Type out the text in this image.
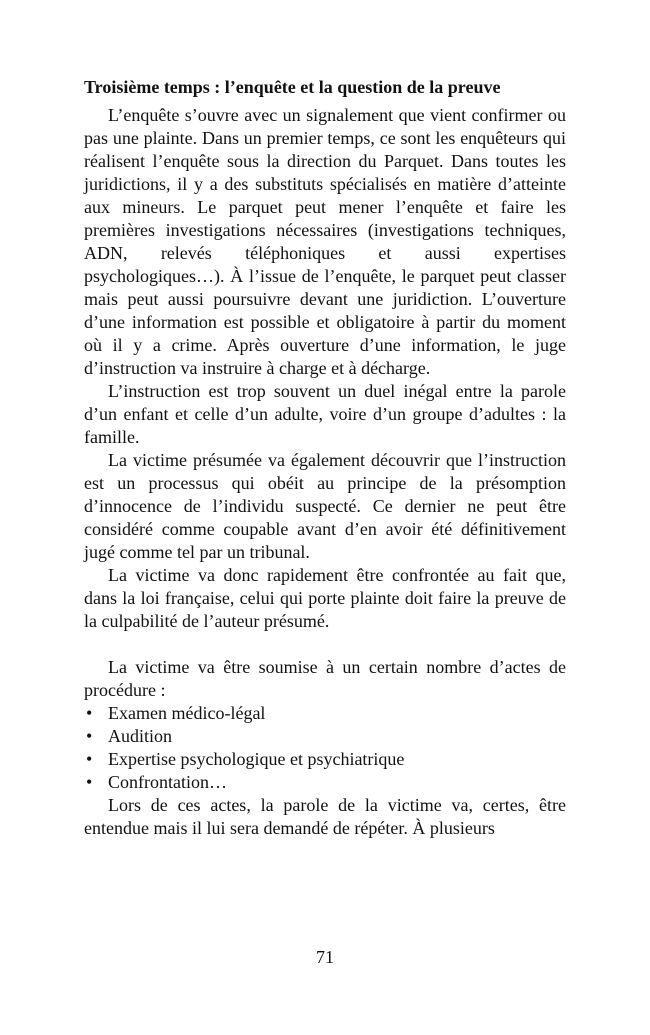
Troisième temps : l’enquête et la question de la preuve

L’enquête s’ouvre avec un signalement que vient confirmer ou pas une plainte. Dans un premier temps, ce sont les enquêteurs qui réalisent l’enquête sous la direction du Parquet. Dans toutes les juridictions, il y a des substituts spécialisés en matière d’atteinte aux mineurs. Le parquet peut mener l’enquête et faire les premières investigations nécessaires (investigations techniques, ADN, relevés téléphoniques et aussi expertises psychologiques…). À l’issue de l’enquête, le parquet peut classer mais peut aussi poursuivre devant une juridiction. L’ouverture d’une information est possible et obligatoire à partir du moment où il y a crime. Après ouverture d’une information, le juge d’instruction va instruire à charge et à décharge.

L’instruction est trop souvent un duel inégal entre la parole d’un enfant et celle d’un adulte, voire d’un groupe d’adultes : la famille.

La victime présumée va également découvrir que l’instruction est un processus qui obéit au principe de la présomption d’innocence de l’individu suspecté. Ce dernier ne peut être considéré comme coupable avant d’en avoir été définitivement jugé comme tel par un tribunal.

La victime va donc rapidement être confrontée au fait que, dans la loi française, celui qui porte plainte doit faire la preuve de la culpabilité de l’auteur présumé.

La victime va être soumise à un certain nombre d’actes de procédure :

• Examen médico-légal
• Audition
• Expertise psychologique et psychiatrique
• Confrontation…

Lors de ces actes, la parole de la victime va, certes, être entendue mais il lui sera demandé de répéter. À plusieurs

71
